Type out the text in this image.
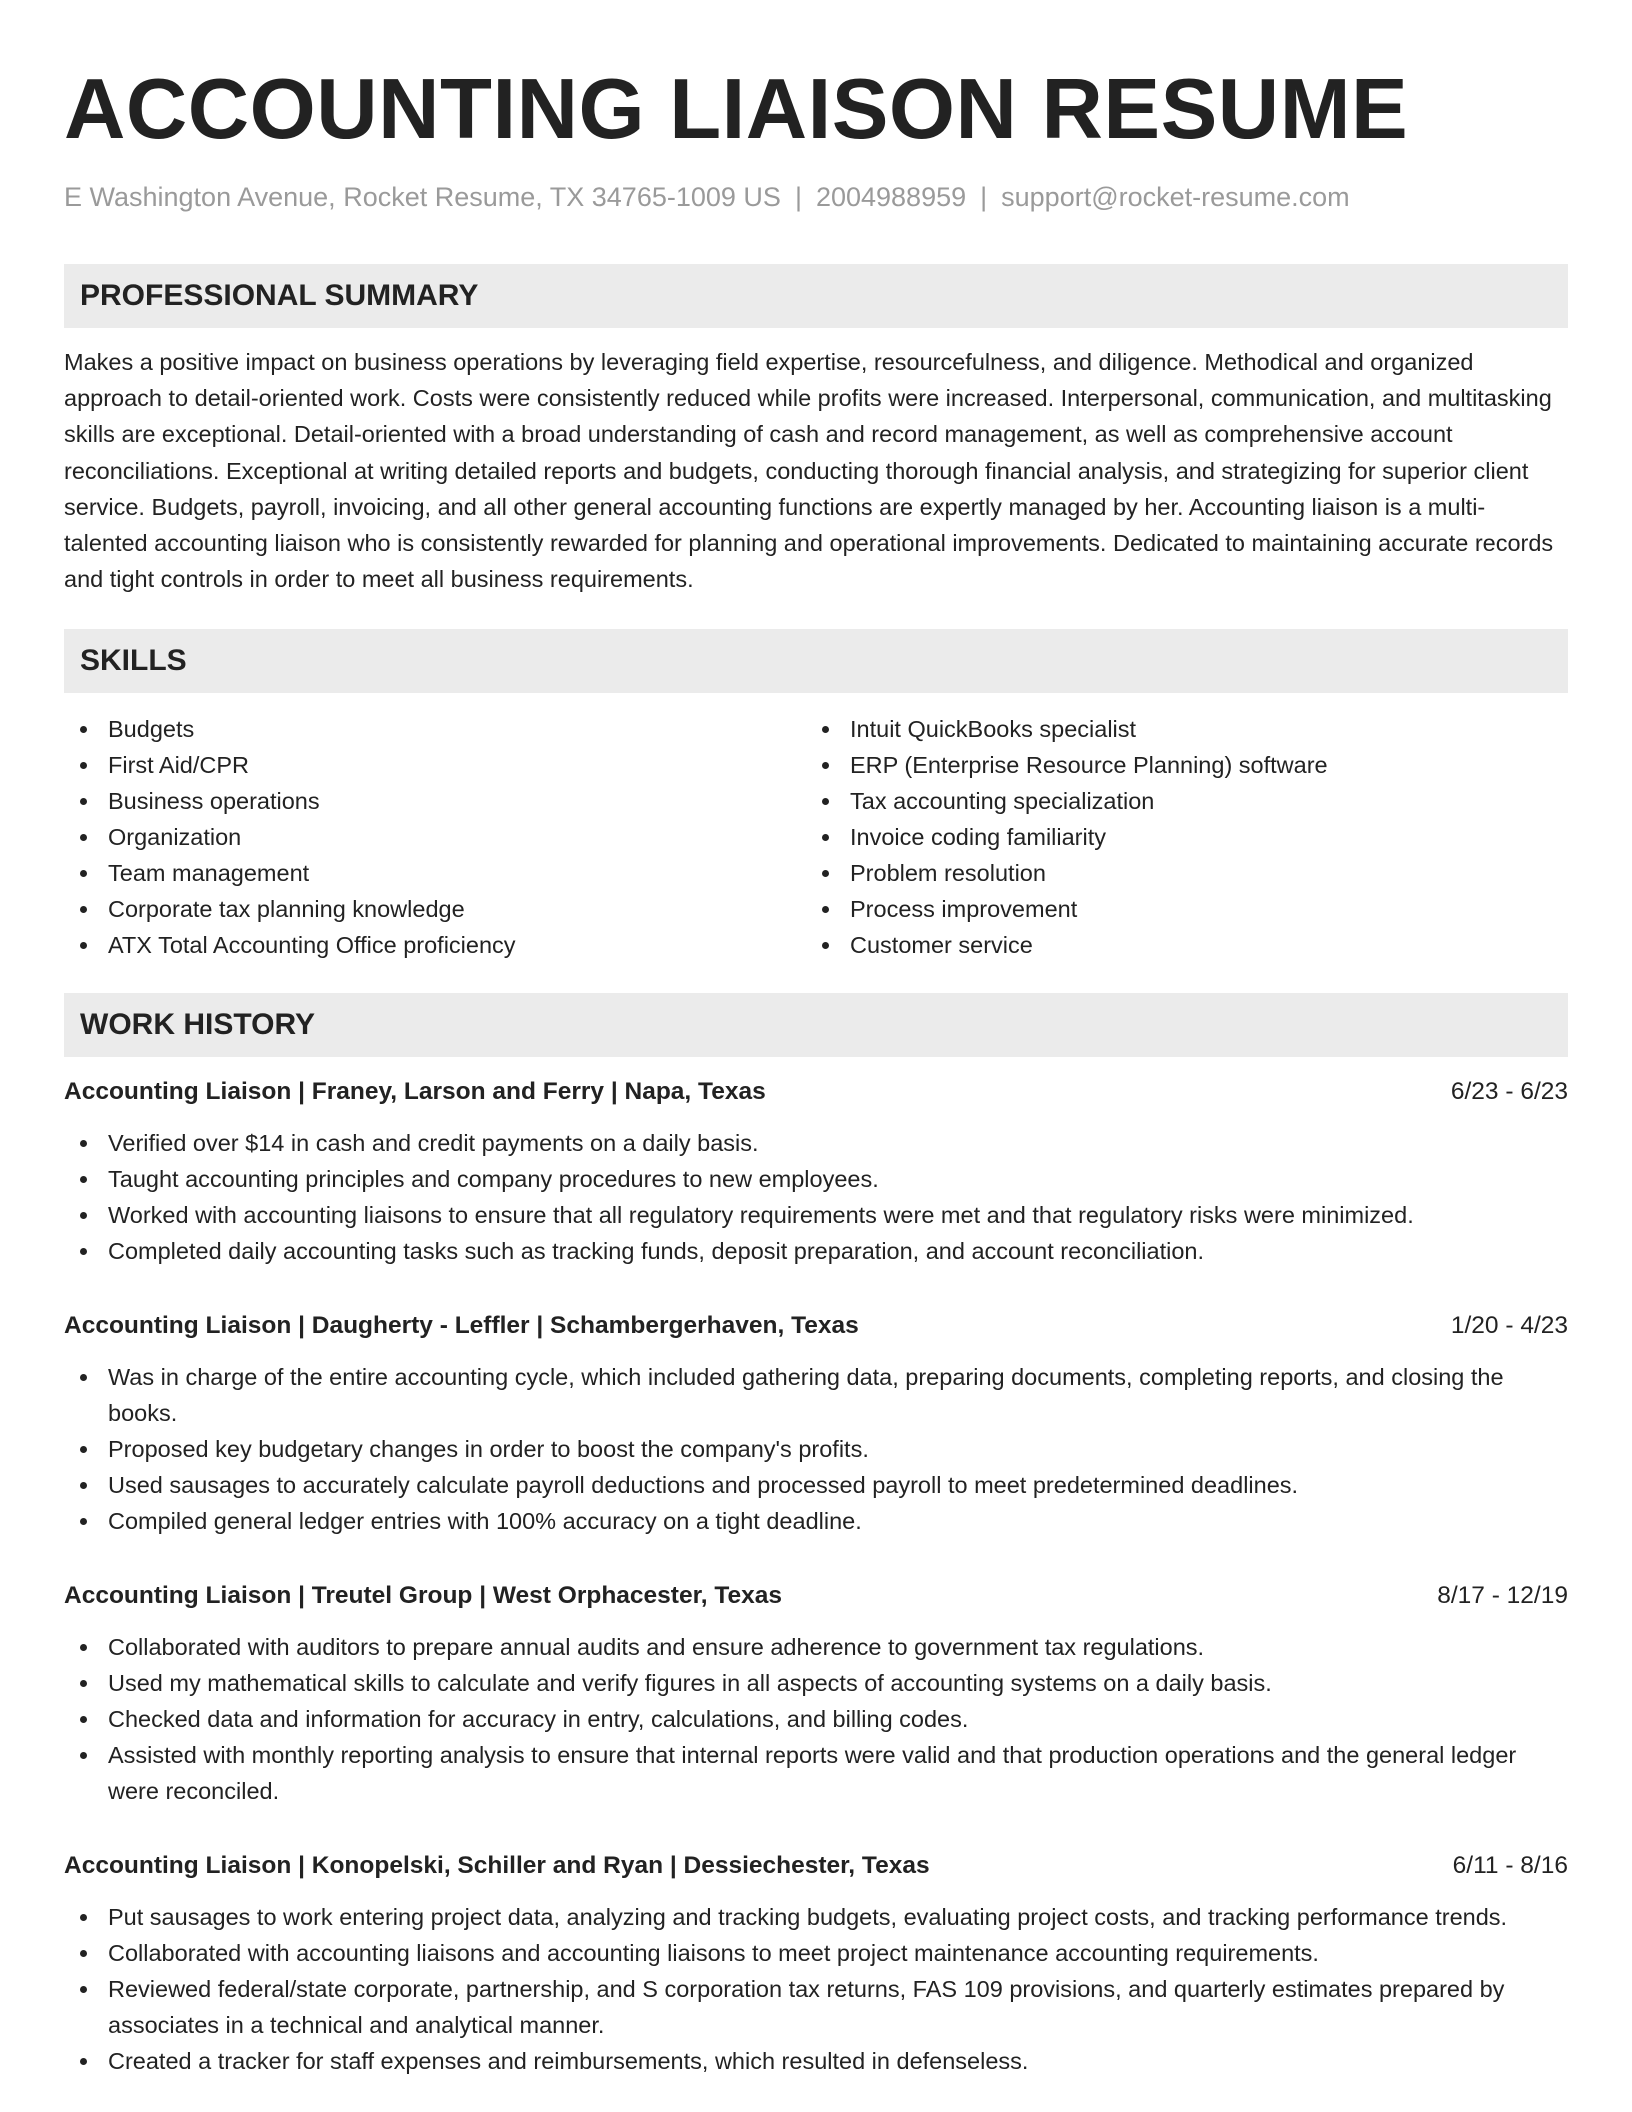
ACCOUNTING LIAISON RESUME
E Washington Avenue, Rocket Resume, TX 34765-1009 US | 2004988959 | support@rocket-resume.com
PROFESSIONAL SUMMARY

Makes a positive impact on business operations by leveraging field expertise, resourcefulness, and diligence. Methodical and organized approach to detail-oriented work. Costs were consistently reduced while profits were increased. Interpersonal, communication, and multitasking skills are exceptional. Detail-oriented with a broad understanding of cash and record management, as well as comprehensive account reconciliations. Exceptional at writing detailed reports and budgets, conducting thorough financial analysis, and strategizing for superior client service. Budgets, payroll, invoicing, and all other general accounting functions are expertly managed by her. Accounting liaison is a multi-talented accounting liaison who is consistently rewarded for planning and operational improvements. Dedicated to maintaining accurate records and tight controls in order to meet all business requirements.

SKILLS
Budgets
First Aid/CPR
Business operations
Organization
Team management
Corporate tax planning knowledge
ATX Total Accounting Office proficiency
Intuit QuickBooks specialist
ERP (Enterprise Resource Planning) software
Tax accounting specialization
Invoice coding familiarity
Problem resolution
Process improvement
Customer service
WORK HISTORY
Accounting Liaison | Franey, Larson and Ferry | Napa, Texas	6/23 - 6/23
Verified over $14 in cash and credit payments on a daily basis.
Taught accounting principles and company procedures to new employees.
Worked with accounting liaisons to ensure that all regulatory requirements were met and that regulatory risks were minimized.
Completed daily accounting tasks such as tracking funds, deposit preparation, and account reconciliation.
Accounting Liaison | Daugherty - Leffler | Schambergerhaven, Texas	1/20 - 4/23
Was in charge of the entire accounting cycle, which included gathering data, preparing documents, completing reports, and closing the books.
Proposed key budgetary changes in order to boost the company's profits.
Used sausages to accurately calculate payroll deductions and processed payroll to meet predetermined deadlines.
Compiled general ledger entries with 100% accuracy on a tight deadline.
Accounting Liaison | Treutel Group | West Orphacester, Texas	8/17 - 12/19
Collaborated with auditors to prepare annual audits and ensure adherence to government tax regulations.
Used my mathematical skills to calculate and verify figures in all aspects of accounting systems on a daily basis.
Checked data and information for accuracy in entry, calculations, and billing codes.
Assisted with monthly reporting analysis to ensure that internal reports were valid and that production operations and the general ledger were reconciled.
Accounting Liaison | Konopelski, Schiller and Ryan | Dessiechester, Texas	6/11 - 8/16
Put sausages to work entering project data, analyzing and tracking budgets, evaluating project costs, and tracking performance trends.
Collaborated with accounting liaisons and accounting liaisons to meet project maintenance accounting requirements.
Reviewed federal/state corporate, partnership, and S corporation tax returns, FAS 109 provisions, and quarterly estimates prepared by associates in a technical and analytical manner.
Created a tracker for staff expenses and reimbursements, which resulted in defenseless.
